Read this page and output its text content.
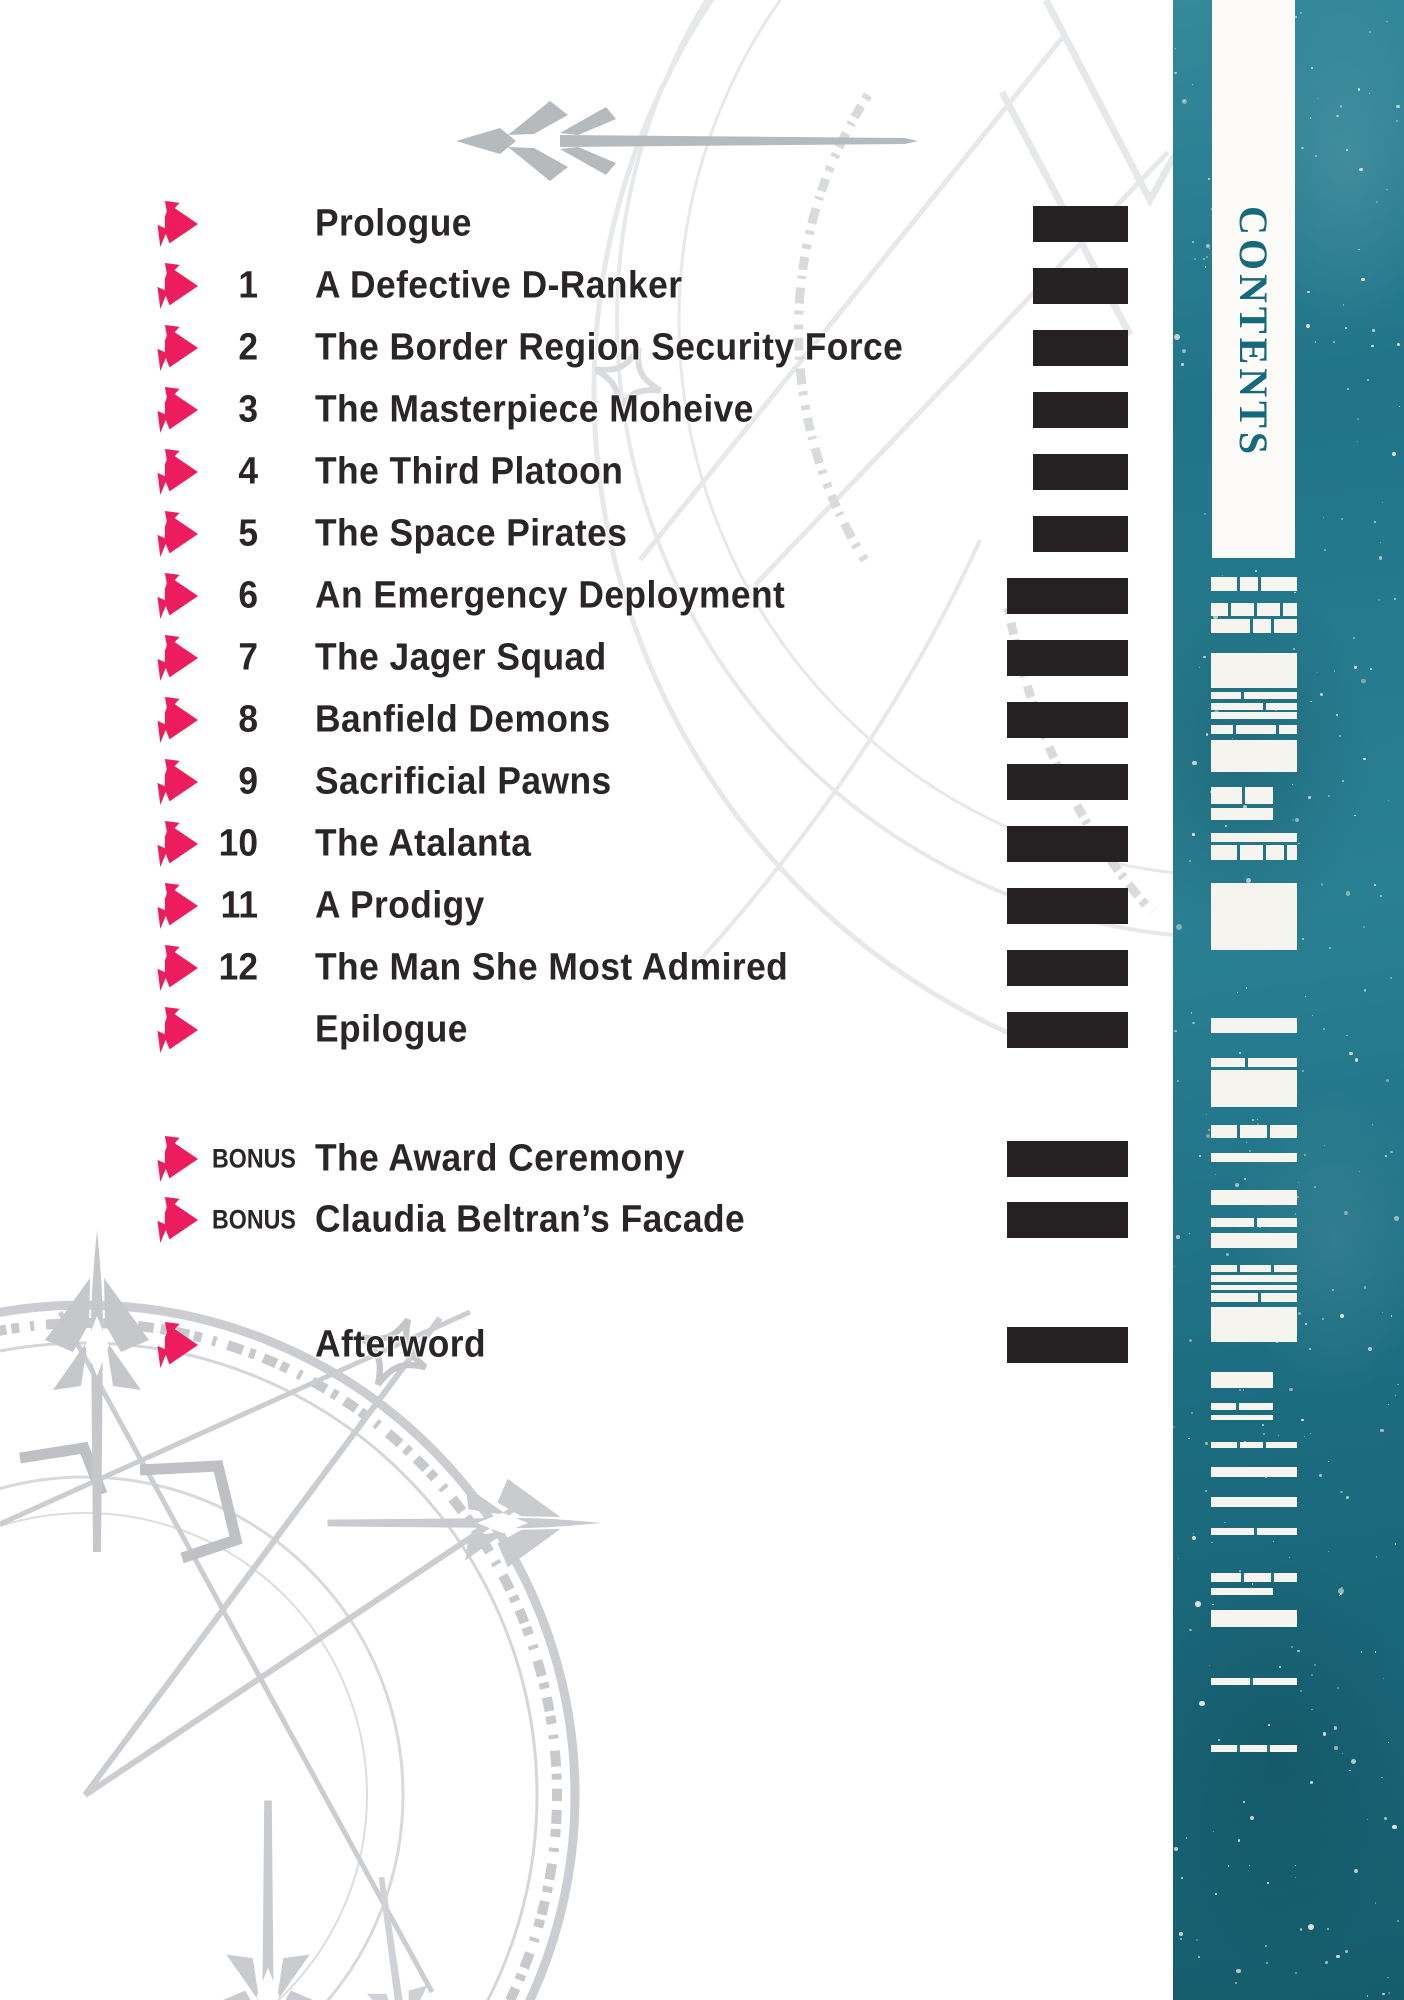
Prologue
1 A Defective D-Ranker
2 The Border Region Security Force
3 The Masterpiece Moheive
4 The Third Platoon
5 The Space Pirates
6 An Emergency Deployment
7 The Jager Squad
8 Banfield Demons
9 Sacrificial Pawns
10 The Atalanta
11 A Prodigy
12 The Man She Most Admired
Epilogue
BONUS The Award Ceremony
BONUS Claudia Beltran’s Facade
Afterword
CONTENTS
